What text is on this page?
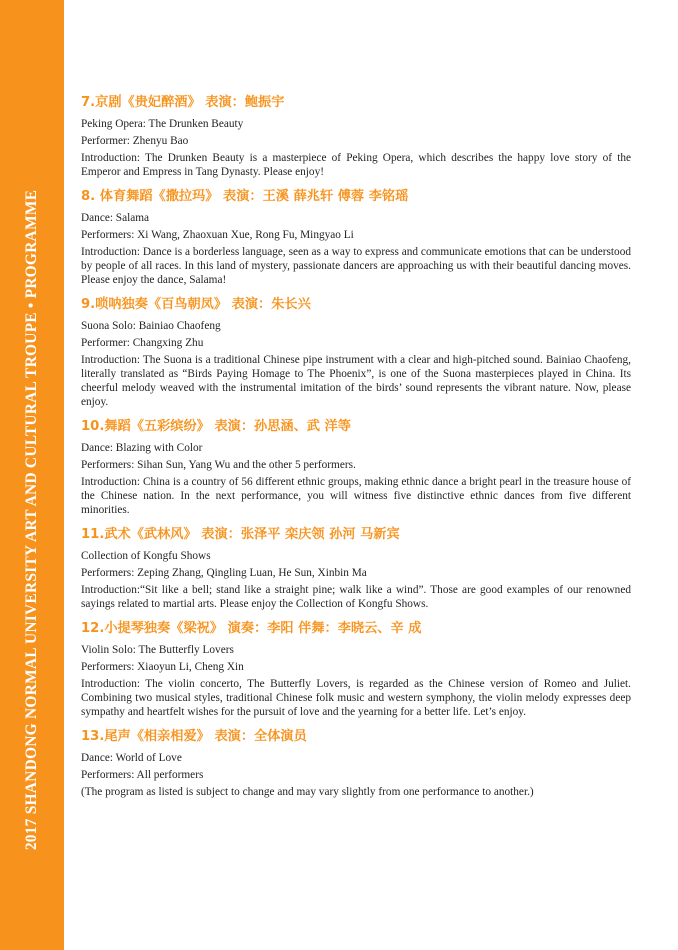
2017 SHANDONG NORMAL UNIVERSITY ART AND CULTURAL TROUPE • PROGRAMME
7.京剧《贵妃醉酒》 表演：鲍振宇
Peking Opera: The Drunken Beauty
Performer: Zhenyu Bao
Introduction: The Drunken Beauty is a masterpiece of Peking Opera, which describes the happy love story of the Emperor and Empress in Tang Dynasty. Please enjoy!
8. 体育舞蹈《撒拉玛》 表演：王溪 薛兆轩 傅蓉 李铭瑶
Dance: Salama
Performers: Xi Wang, Zhaoxuan Xue, Rong Fu, Mingyao Li
Introduction: Dance is a borderless language, seen as a way to express and communicate emotions that can be understood by people of all races. In this land of mystery, passionate dancers are approaching us with their beautiful dancing moves. Please enjoy the dance, Salama!
9.唢呐独奏《百鸟朝凤》 表演：朱长兴
Suona Solo: Bainiao Chaofeng
Performer: Changxing Zhu
Introduction: The Suona is a traditional Chinese pipe instrument with a clear and high-pitched sound. Bainiao Chaofeng, literally translated as “Birds Paying Homage to The Phoenix”, is one of the Suona masterpieces played in China. Its cheerful melody weaved with the instrumental imitation of the birds’ sound represents the vibrant nature. Now, please enjoy.
10.舞蹈《五彩缤纷》 表演：孙思涵、武 洋等
Dance: Blazing with Color
Performers: Sihan Sun, Yang Wu and the other 5 performers.
Introduction: China is a country of 56 different ethnic groups, making ethnic dance a bright pearl in the treasure house of the Chinese nation. In the next performance, you will witness five distinctive ethnic dances from five different minorities.
11.武术《武林风》 表演：张泽平 栾庆领 孙河 马新宾
Collection of Kongfu Shows
Performers: Zeping Zhang, Qingling Luan, He Sun, Xinbin Ma
Introduction:“Sit like a bell; stand like a straight pine; walk like a wind”. Those are good examples of our renowned sayings related to martial arts. Please enjoy the Collection of Kongfu Shows.
12.小提琴独奏《梁祝》 演奏：李阳 伴舞：李晓云、辛 成
Violin Solo: The Butterfly Lovers
Performers: Xiaoyun Li, Cheng Xin
Introduction: The violin concerto, The Butterfly Lovers, is regarded as the Chinese version of Romeo and Juliet. Combining two musical styles, traditional Chinese folk music and western symphony, the violin melody expresses deep sympathy and heartfelt wishes for the pursuit of love and the yearning for a better life. Let’s enjoy.
13.尾声《相亲相爱》 表演：全体演员
Dance: World of Love
Performers: All performers
(The program as listed is subject to change and may vary slightly from one performance to another.)
